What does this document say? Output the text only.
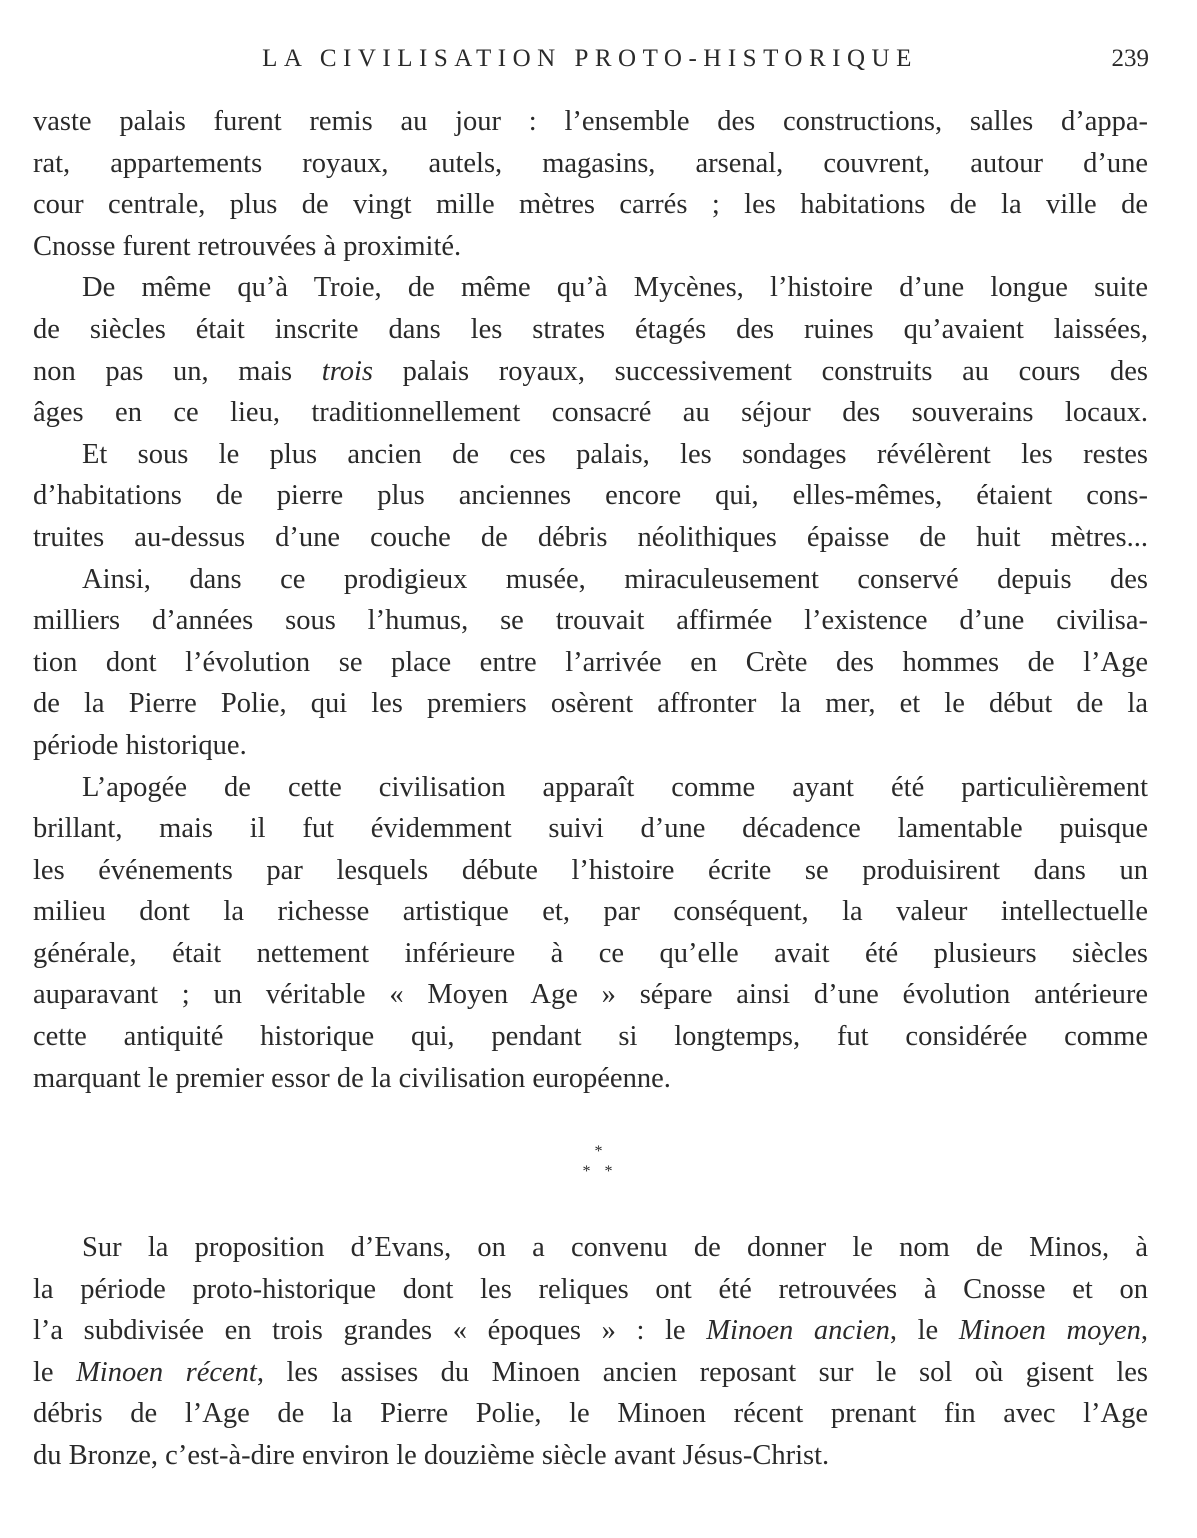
LA CIVILISATION PROTO-HISTORIQUE	239
vaste palais furent remis au jour : l’ensemble des constructions, salles d’appa-
rat, appartements royaux, autels, magasins, arsenal, couvrent, autour d’une
cour centrale, plus de vingt mille mètres carrés ; les habitations de la ville de
Cnosse furent retrouvées à proximité.
De même qu’à Troie, de même qu’à Mycènes, l’histoire d’une longue suite
de siècles était inscrite dans les strates étagés des ruines qu’avaient laissées,
non pas un, mais trois palais royaux, successivement construits au cours des
âges en ce lieu, traditionnellement consacré au séjour des souverains locaux.
Et sous le plus ancien de ces palais, les sondages révélèrent les restes
d’habitations de pierre plus anciennes encore qui, elles-mêmes, étaient cons-
truites au-dessus d’une couche de débris néolithiques épaisse de huit mètres...
Ainsi, dans ce prodigieux musée, miraculeusement conservé depuis des
milliers d’années sous l’humus, se trouvait affirmée l’existence d’une civilisa-
tion dont l’évolution se place entre l’arrivée en Crète des hommes de l’Age
de la Pierre Polie, qui les premiers osèrent affronter la mer, et le début de la
période historique.
L’apogée de cette civilisation apparaît comme ayant été particulièrement
brillant, mais il fut évidemment suivi d’une décadence lamentable puisque
les événements par lesquels débute l’histoire écrite se produisirent dans un
milieu dont la richesse artistique et, par conséquent, la valeur intellectuelle
générale, était nettement inférieure à ce qu’elle avait été plusieurs siècles
auparavant ; un véritable « Moyen Age » sépare ainsi d’une évolution antérieure
cette antiquité historique qui, pendant si longtemps, fut considérée comme
marquant le premier essor de la civilisation européenne.
*
**
Sur la proposition d’Evans, on a convenu de donner le nom de Minos, à
la période proto-historique dont les reliques ont été retrouvées à Cnosse et on
l’a subdivisée en trois grandes « époques » : le Minoen ancien, le Minoen moyen,
le Minoen récent, les assises du Minoen ancien reposant sur le sol où gisent les
débris de l’Age de la Pierre Polie, le Minoen récent prenant fin avec l’Age
du Bronze, c’est-à-dire environ le douzième siècle avant Jésus-Christ.
